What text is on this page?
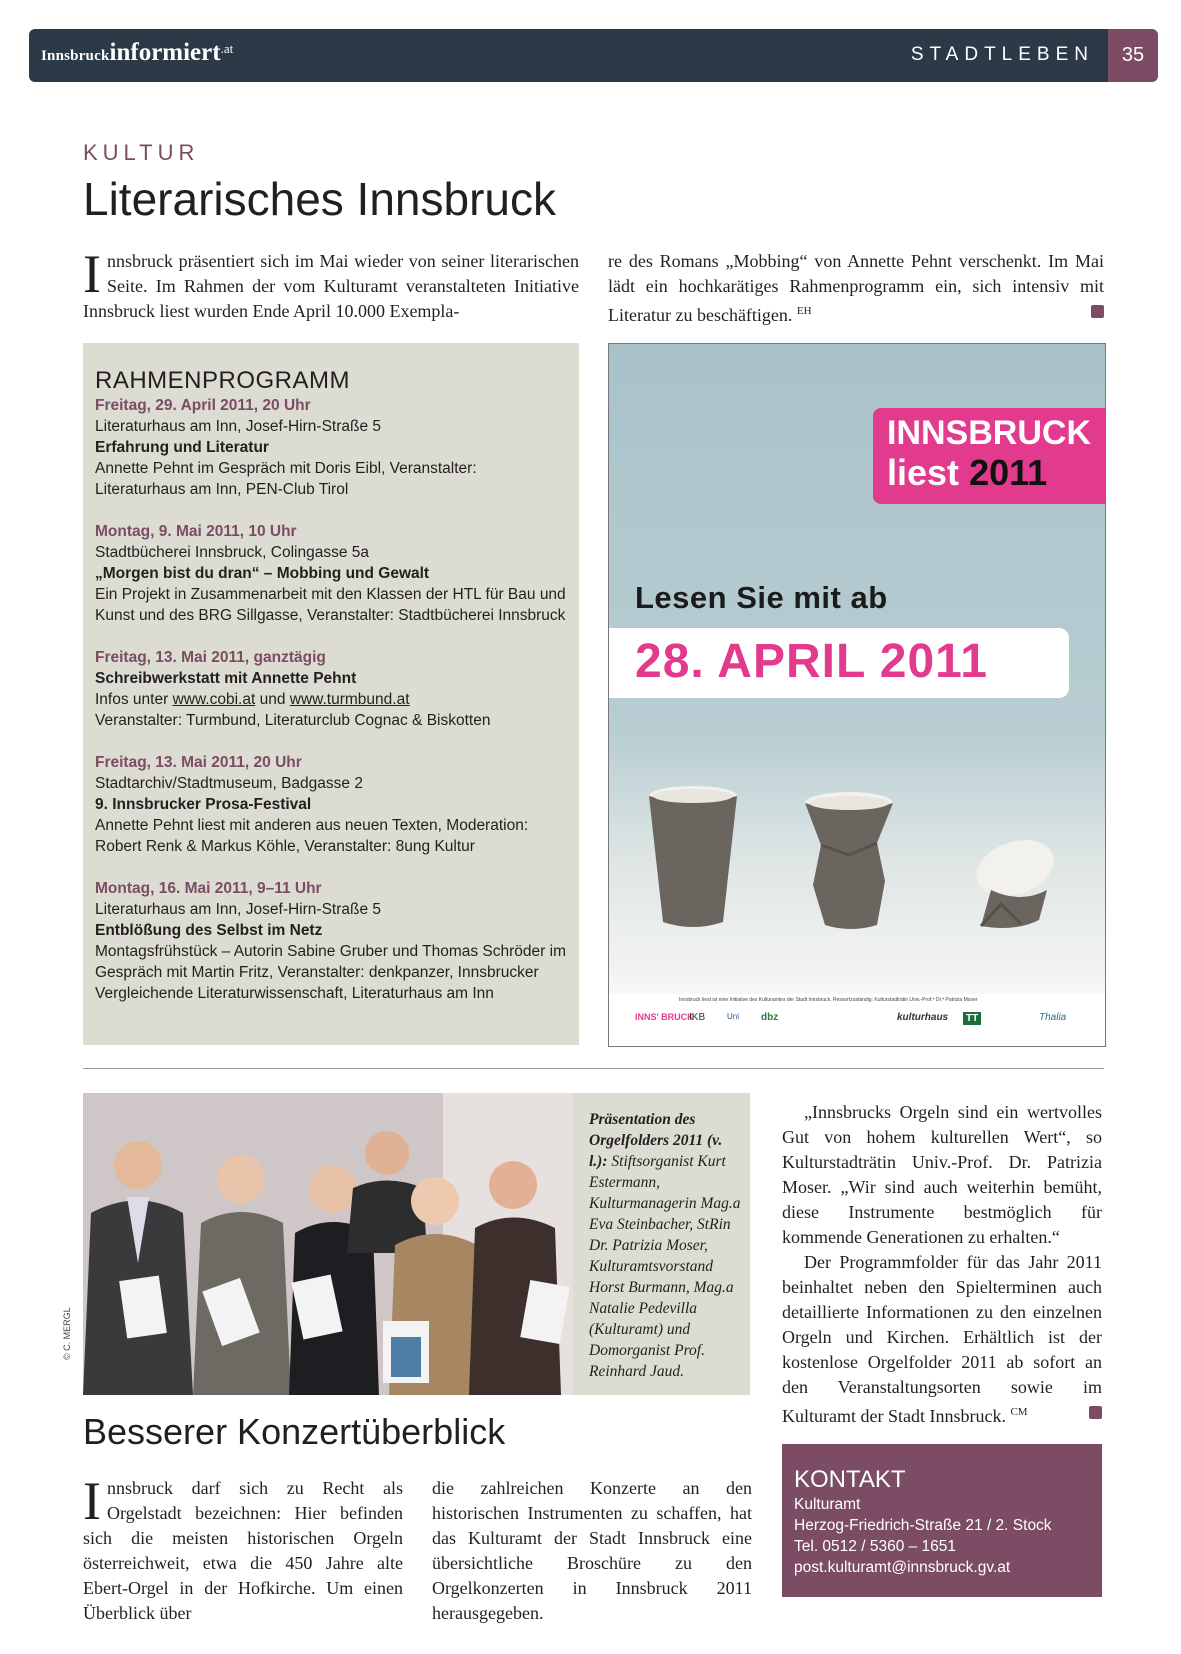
Innsbruckinformiert$^{.at}$	STADTLEBEN	35
KULTUR
Literarisches Innsbruck
Innsbruck präsentiert sich im Mai wieder von seiner literarischen Seite. Im Rahmen der vom Kulturamt veranstalteten Initiative Innsbruck liest wurden Ende April 10.000 Exempla-
re des Romans „Mobbing“ von Annette Pehnt verschenkt. Im Mai lädt ein hochkarätiges Rahmenprogramm ein, sich intensiv mit Literatur zu beschäftigen. $^{EH}$
RAHMENPROGRAMM
Freitag, 29. April 2011, 20 Uhr
Literaturhaus am Inn, Josef-Hirn-Straße 5
Erfahrung und Literatur
Annette Pehnt im Gespräch mit Doris Eibl, Veranstalter: Literaturhaus am Inn, PEN-Club Tirol
Montag, 9. Mai 2011, 10 Uhr
Stadtbücherei Innsbruck, Colingasse 5a
„Morgen bist du dran“ – Mobbing und Gewalt
Ein Projekt in Zusammenarbeit mit den Klassen der HTL für Bau und Kunst und des BRG Sillgasse, Veranstalter: Stadtbücherei Innsbruck
Freitag, 13. Mai 2011, ganztägig
Schreibwerkstatt mit Annette Pehnt
Infos unter www.cobi.at und www.turmbund.at
Veranstalter: Turmbund, Literaturclub Cognac & Biskotten
Freitag, 13. Mai 2011, 20 Uhr
Stadtarchiv/Stadtmuseum, Badgasse 2
9. Innsbrucker Prosa-Festival
Annette Pehnt liest mit anderen aus neuen Texten, Moderation: Robert Renk & Markus Köhle, Veranstalter: 8ung Kultur
Montag, 16. Mai 2011, 9–11 Uhr
Literaturhaus am Inn, Josef-Hirn-Straße 5
Entblößung des Selbst im Netz
Montagsfrühstück – Autorin Sabine Gruber und Thomas Schröder im Gespräch mit Martin Fritz, Veranstalter: denkpanzer, Innsbrucker Vergleichende Literaturwissenschaft, Literaturhaus am Inn
INNSBRUCK
liest 2011
Lesen Sie mit ab
28. APRIL 2011
Innsbruck liest ist eine Initiative des Kulturamtes der Stadt Innsbruck. Ressortzuständig: Kulturstadträtin Univ.-Prof.ª Dr.ª Patrizia Moser
INNS' BRUCK
IKB	Uni dbz	kulturhaus	TT	Thalia
© C. MERGL

Präsentation des Orgelfolders 2011 (v. l.): Stiftsorganist Kurt Estermann, Kulturmanagerin Mag.a Eva Steinbacher, StRin Dr. Patrizia Moser, Kulturamtsvorstand Horst Burmann, Mag.a Natalie Pedevilla (Kulturamt) und Domorganist Prof. Reinhard Jaud.

„Innsbrucks Orgeln sind ein wertvolles Gut von hohem kulturellen Wert“, so Kulturstadträtin Univ.-Prof. Dr. Patrizia Moser. „Wir sind auch weiterhin bemüht, diese Instrumente bestmöglich für kommende Generationen zu erhalten.“

Der Programmfolder für das Jahr 2011 beinhaltet neben den Spielterminen auch detaillierte Informationen zu den einzelnen Orgeln und Kirchen. Erhältlich ist der kostenlose Orgelfolder 2011 ab sofort an den Veranstaltungsorten sowie im Kulturamt der Stadt Innsbruck. $^{CM}$

Besserer Konzertüberblick
Innsbruck darf sich zu Recht als Orgelstadt bezeichnen: Hier befinden sich die meisten historischen Orgeln österreichweit, etwa die 450 Jahre alte Ebert-Orgel in der Hofkirche. Um einen Überblick über
die zahlreichen Konzerte an den historischen Instrumenten zu schaffen, hat das Kulturamt der Stadt Innsbruck eine übersichtliche Broschüre zu den Orgelkonzerten in Innsbruck 2011 herausgegeben.
KONTAKT
Kulturamt
Herzog-Friedrich-Straße 21 / 2. Stock
Tel. 0512 / 5360 – 1651
post.kulturamt@innsbruck.gv.at
